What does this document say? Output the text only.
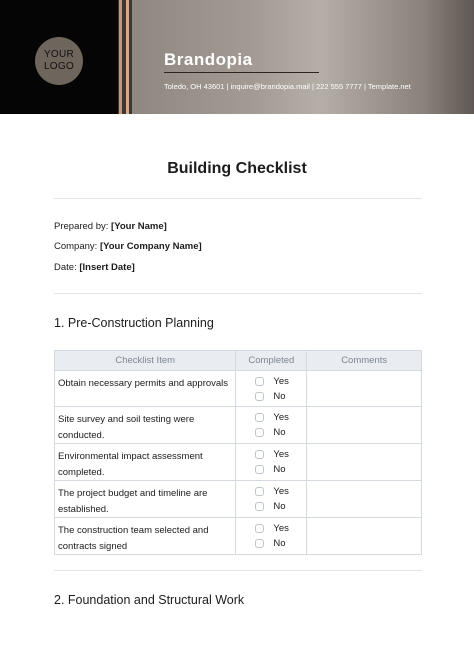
YOUR
LOGO	Brandopia
Toledo, OH 43601 | inquire@brandopia.mail | 222 555 7777 | Template.net
Building Checklist
Prepared by: [Your Name]
Company: [Your Company Name]
Date: [Insert Date]
1. Pre-Construction Planning
Checklist Item	Completed	Comments
Obtain necessary permits and approvals	Yes
No	

Site survey and soil testing were conducted.	Yes
No	

Environmental impact assessment completed.	Yes
No	

The project budget and timeline are established.	Yes
No	

The construction team selected and contracts signed	Yes
No	

2. Foundation and Structural Work
